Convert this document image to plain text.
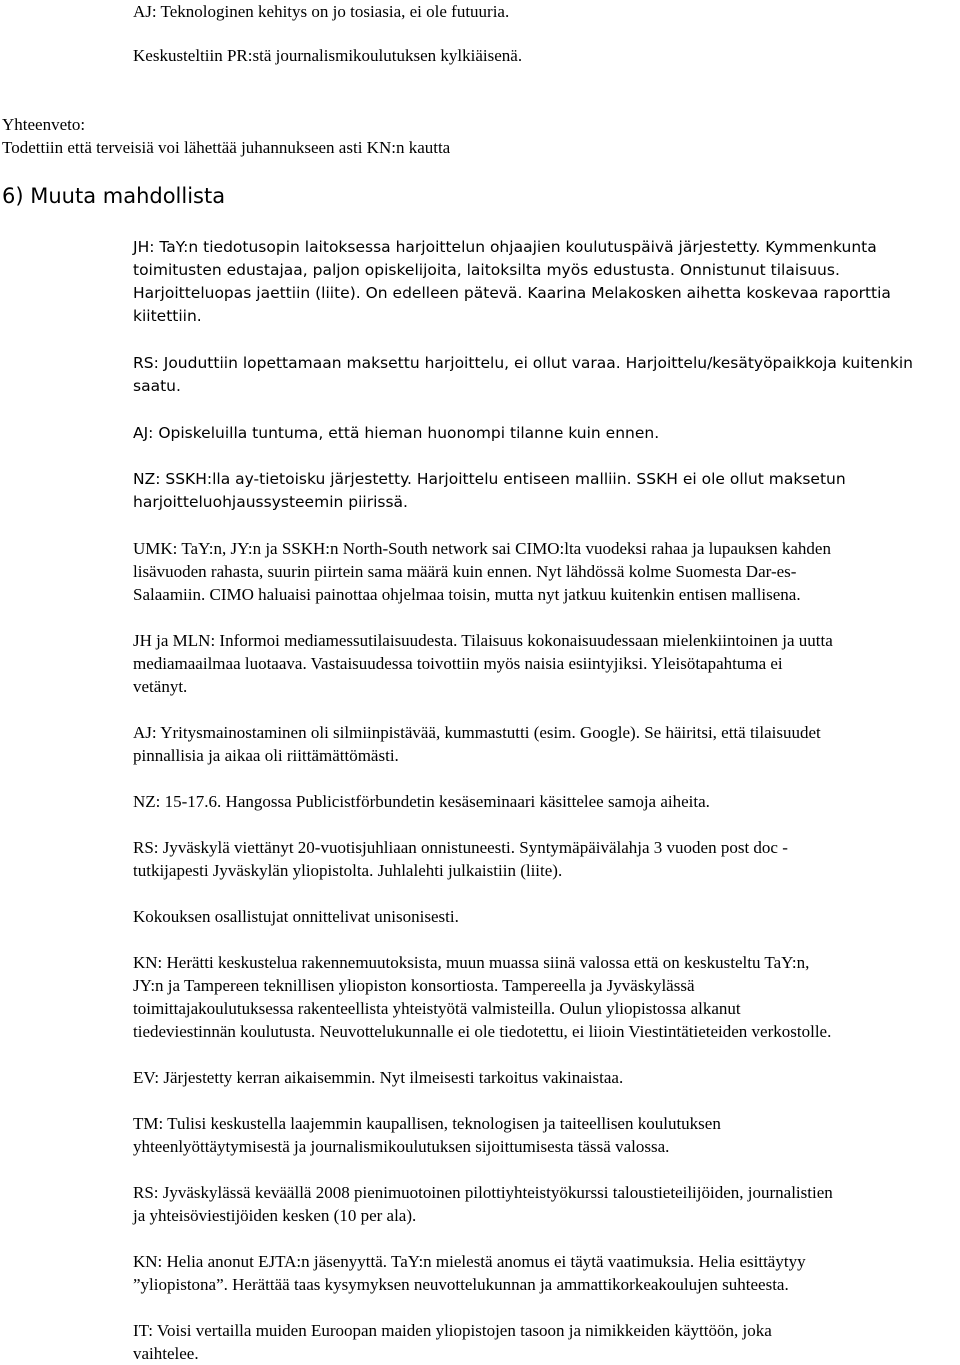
AJ: Teknologinen kehitys on jo tosiasia, ei ole futuuria.

Keskusteltiin PR:stä journalismikoulutuksen kylkiäisenä.

Yhteenveto:

Todettiin että terveisiä voi lähettää juhannukseen asti KN:n kautta

6) Muuta mahdollista
JH: TaY:n tiedotusopin laitoksessa harjoittelun ohjaajien koulutuspäivä järjestetty. Kymmenkunta
toimitusten edustajaa, paljon opiskelijoita, laitoksilta myös edustusta. Onnistunut tilaisuus.
Harjoitteluopas jaettiin (liite). On edelleen pätevä. Kaarina Melakosken aihetta koskevaa raporttia
kiitettiin.
RS: Jouduttiin lopettamaan maksettu harjoittelu, ei ollut varaa. Harjoittelu/kesätyöpaikkoja kuitenkin
saatu.
AJ: Opiskeluilla tuntuma, että hieman huonompi tilanne kuin ennen.
NZ: SSKH:lla ay-tietoisku järjestetty. Harjoittelu entiseen malliin. SSKH ei ole ollut maksetun
harjoitteluohjaussysteemin piirissä.
UMK: TaY:n, JY:n ja SSKH:n North-South network sai CIMO:lta vuodeksi rahaa ja lupauksen kahden
lisävuoden rahasta, suurin piirtein sama määrä kuin ennen. Nyt lähdössä kolme Suomesta Dar-es-
Salaamiin. CIMO haluaisi painottaa ohjelmaa toisin, mutta nyt jatkuu kuitenkin entisen mallisena.
JH ja MLN: Informoi mediamessutilaisuudesta. Tilaisuus kokonaisuudessaan mielenkiintoinen ja uutta
mediamaailmaa luotaava. Vastaisuudessa toivottiin myös naisia esiintyjiksi. Yleisötapahtuma ei
vetänyt.
AJ: Yritysmainostaminen oli silmiinpistävää, kummastutti (esim. Google). Se häiritsi, että tilaisuudet
pinnallisia ja aikaa oli riittämättömästi.
NZ: 15-17.6. Hangossa Publicistförbundetin kesäseminaari käsittelee samoja aiheita.
RS: Jyväskylä viettänyt 20-vuotisjuhliaan onnistuneesti. Syntymäpäivälahja 3 vuoden post doc -
tutkijapesti Jyväskylän yliopistolta. Juhlalehti julkaistiin (liite).
Kokouksen osallistujat onnittelivat unisonisesti.
KN: Herätti keskustelua rakennemuutoksista, muun muassa siinä valossa että on keskusteltu TaY:n,
JY:n ja Tampereen teknillisen yliopiston konsortiosta. Tampereella ja Jyväskylässä
toimittajakoulutuksessa rakenteellista yhteistyötä valmisteilla. Oulun yliopistossa alkanut
tiedeviestinnän koulutusta. Neuvottelukunnalle ei ole tiedotettu, ei liioin Viestintätieteiden verkostolle.
EV: Järjestetty kerran aikaisemmin. Nyt ilmeisesti tarkoitus vakinaistaa.
TM: Tulisi keskustella laajemmin kaupallisen, teknologisen ja taiteellisen koulutuksen
yhteenlyöttäytymisestä ja journalismikoulutuksen sijoittumisesta tässä valossa.
RS: Jyväskylässä keväällä 2008 pienimuotoinen pilottiyhteistyökurssi taloustieteilijöiden, journalistien
ja yhteisöviestijöiden kesken (10 per ala).
KN: Helia anonut EJTA:n jäsenyyttä. TaY:n mielestä anomus ei täytä vaatimuksia. Helia esittäytyy
”yliopistona”. Herättää taas kysymyksen neuvottelukunnan ja ammattikorkeakoulujen suhteesta.
IT: Voisi vertailla muiden Euroopan maiden yliopistojen tasoon ja nimikkeiden käyttöön, joka
vaihtelee.
